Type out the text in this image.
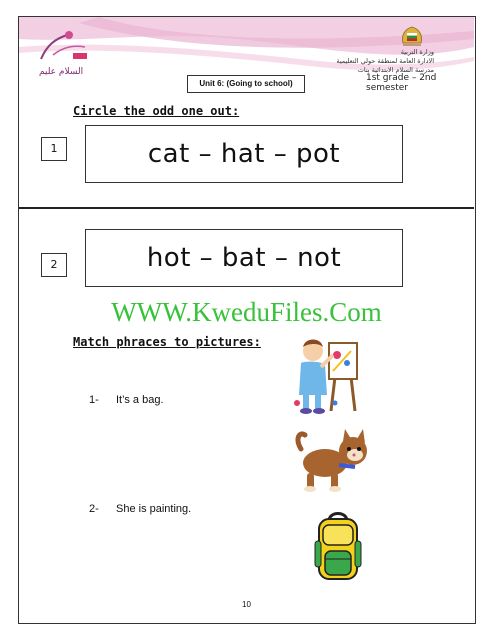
السلام عليم
وزارة التربية
الادارة العامة لمنطقة حولي التعليمية
مدرسة السلام الابتدائية بنات
1st grade – 2nd semester
Unit 6: (Going to school)
Circle the odd one out:
1	cat – hat – pot
2	hot – bat – not
WWW.KweduFiles.Com
Match phraces to pictures:
1- It’s a bag.
2- She is painting.
10
